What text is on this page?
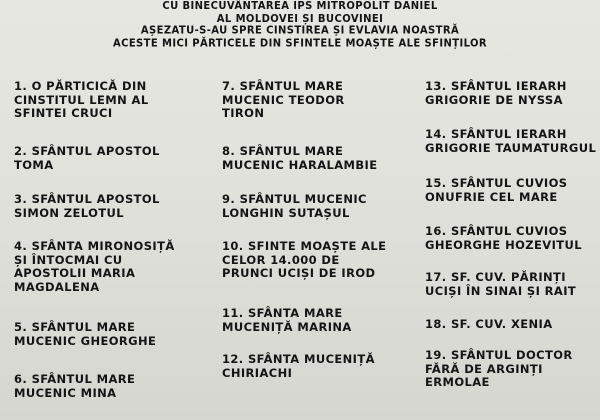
CU BINECUVÂNTAREA IPS MITROPOLIT DANIEL
AL MOLDOVEI ȘI BUCOVINEI
AȘEZATU-S-AU SPRE CINSTIREA ȘI EVLAVIA NOASTRĂ
ACESTE MICI PĂRTICELE DIN SFINTELE MOAȘTE ALE SFINȚILOR
1. O PĂRTICICĂ DIN
CINSTITUL LEMN AL
SFINTEI CRUCI
2. SFÂNTUL APOSTOL
TOMA
3. SFÂNTUL APOSTOL
SIMON ZELOTUL
4. SFÂNTA MIRONOSIȚĂ
ȘI ÎNTOCMAI CU
APOSTOLII MARIA
MAGDALENA
5. SFÂNTUL MARE
MUCENIC GHEORGHE
6. SFÂNTUL MARE
MUCENIC MINA
7. SFÂNTUL MARE
MUCENIC TEODOR
TIRON
8. SFÂNTUL MARE
MUCENIC HARALAMBIE
9. SFÂNTUL MUCENIC
LONGHIN SUTAȘUL
10. SFINTE MOAȘTE ALE
CELOR 14.000 DE
PRUNCI UCIȘI DE IROD
11. SFÂNTA MARE
MUCENIȚĂ MARINA
12. SFÂNTA MUCENIȚĂ
CHIRIACHI
13. SFÂNTUL IERARH
GRIGORIE DE NYSSA
14. SFÂNTUL IERARH
GRIGORIE TAUMATURGUL
15. SFÂNTUL CUVIOS
ONUFRIE CEL MARE
16. SFÂNTUL CUVIOS
GHEORGHE HOZEVITUL
17. SF. CUV. PĂRINȚI
UCIȘI ÎN SINAI ȘI RAIT
18. SF. CUV. XENIA
19. SFÂNTUL DOCTOR
FĂRĂ DE ARGINȚI
ERMOLAE
